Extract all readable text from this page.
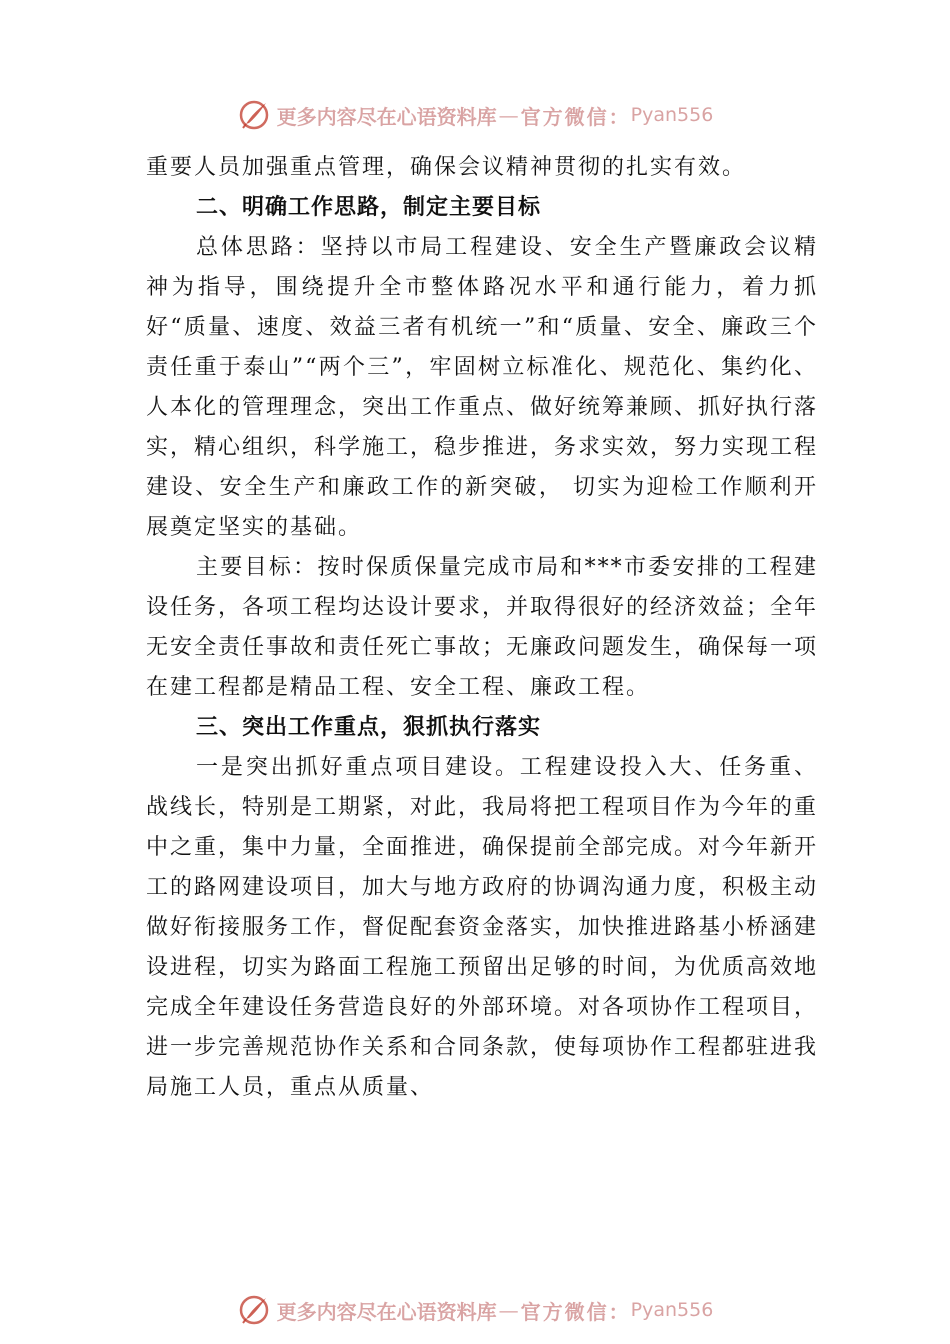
更多内容尽在心语资料库 — 官方微信： Pyan556

重要人员加强重点管理，确保会议精神贯彻的扎实有效。

二、明确工作思路，制定主要目标

总体思路：坚持以市局工程建设、安全生产暨廉政会议精神为指导，围绕提升全市整体路况水平和通行能力，着力抓好“质量、速度、效益三者有机统一”和“质量、安全、廉政三个责任重于泰山”“两个三”，牢固树立标准化、规范化、集约化、人本化的管理理念，突出工作重点、做好统筹兼顾、抓好执行落实，精心组织，科学施工，稳步推进，务求实效，努力实现工程建设、安全生产和廉政工作的新突破， 切实为迎检工作顺利开展奠定坚实的基础。

主要目标：按时保质保量完成市局和***市委安排的工程建设任务，各项工程均达设计要求，并取得很好的经济效益；全年无安全责任事故和责任死亡事故；无廉政问题发生，确保每一项在建工程都是精品工程、安全工程、廉政工程。

三、突出工作重点，狠抓执行落实

一是突出抓好重点项目建设。工程建设投入大、任务重、战线长，特别是工期紧，对此，我局将把工程项目作为今年的重中之重，集中力量，全面推进，确保提前全部完成。对今年新开工的路网建设项目，加大与地方政府的协调沟通力度，积极主动做好衔接服务工作，督促配套资金落实，加快推进路基小桥涵建设进程，切实为路面工程施工预留出足够的时间，为优质高效地完成全年建设任务营造良好的外部环境。对各项协作工程项目，进一步完善规范协作关系和合同条款，使每项协作工程都驻进我局施工人员，重点从质量、

更多内容尽在心语资料库 — 官方微信： Pyan556
